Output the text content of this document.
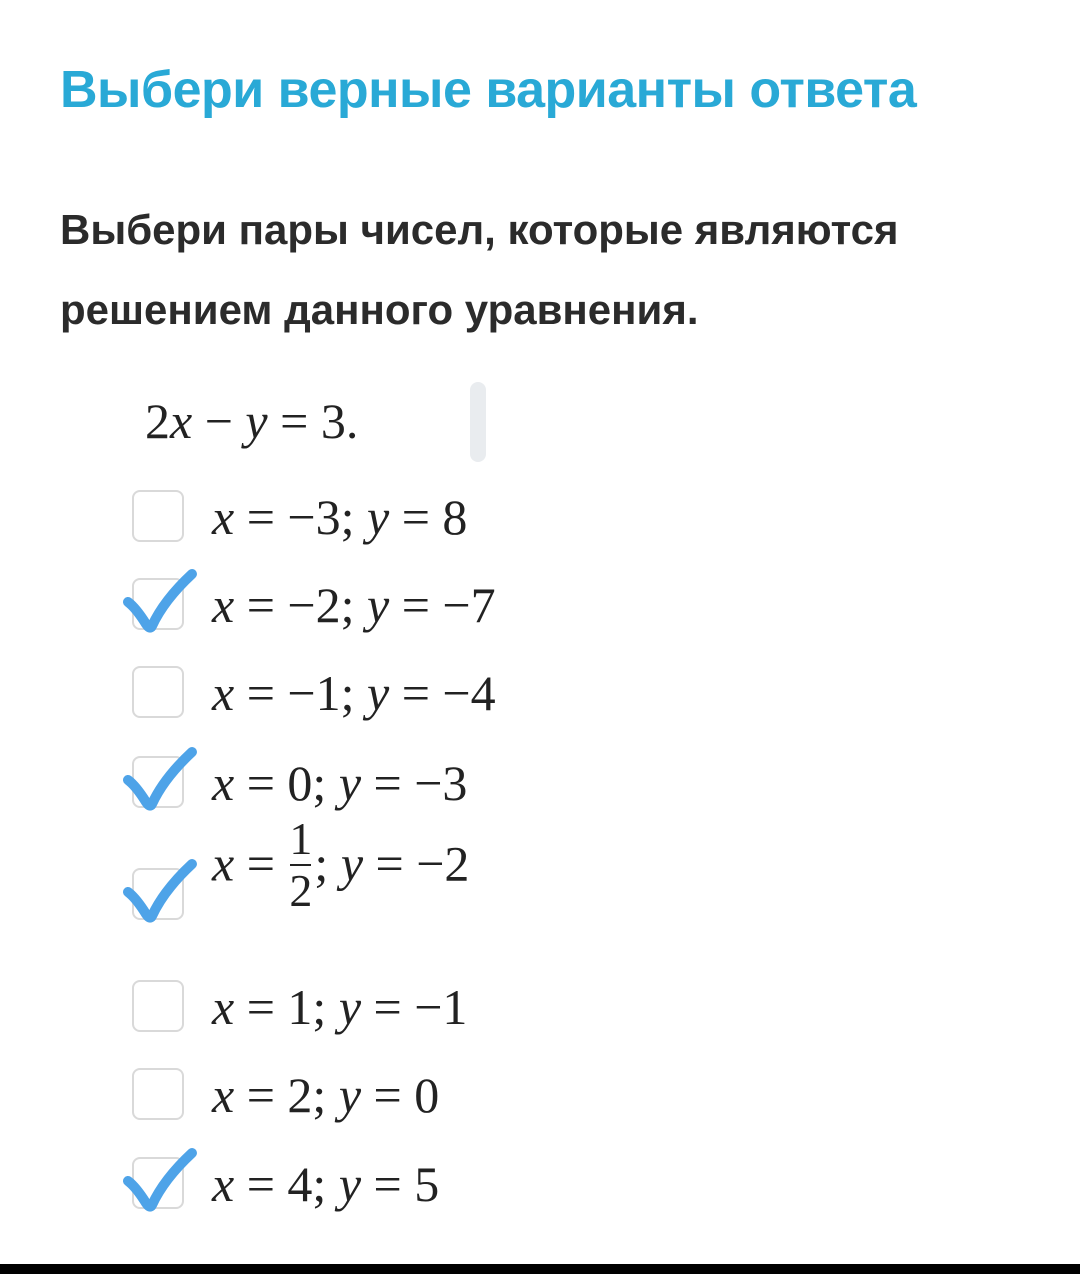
Выбери верные варианты ответа
Выбери пары чисел, которые являются решением данного уравнения.
2x − y = 3.
x = −3; y = 8
x = −2; y = −7
x = −1; y = −4
x = 0; y = −3
$x = \frac{1}{2}$ ; y = −2
x = 1; y = −1
x = 2; y = 0
x = 4; y = 5
